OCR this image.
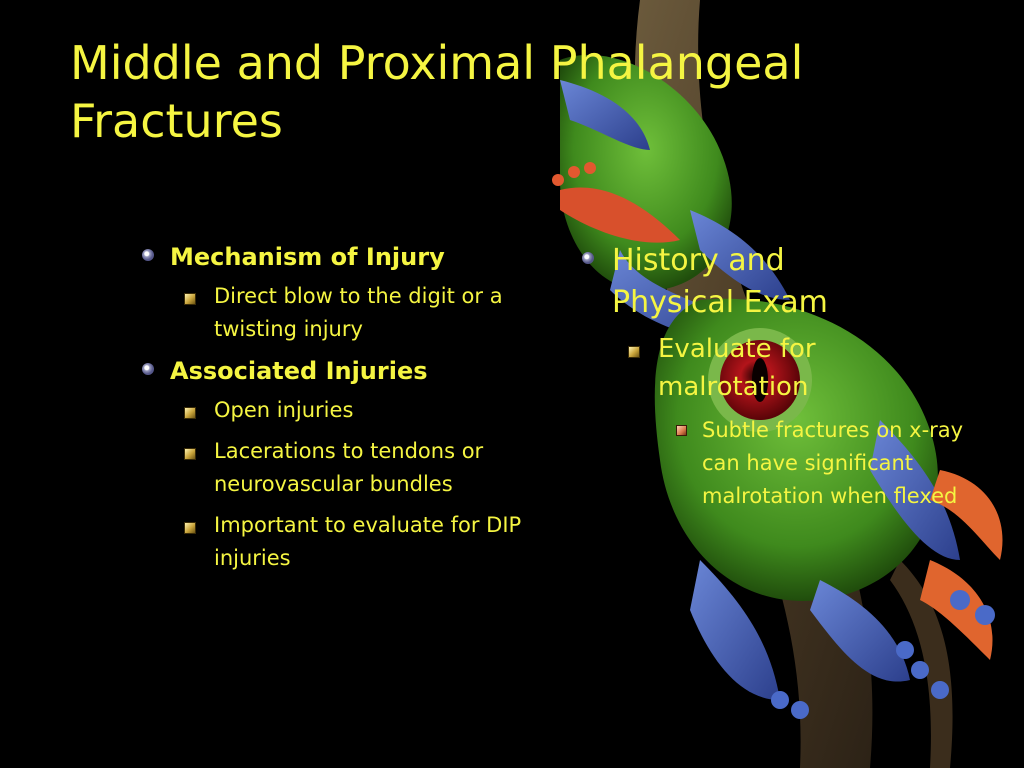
Middle and Proximal Phalangeal Fractures
Mechanism of Injury
Direct blow to the digit or a twisting injury
Associated Injuries
Open injuries
Lacerations to tendons or neurovascular bundles
Important to evaluate for DIP injuries
History and Physical Exam
Evaluate for malrotation
Subtle fractures on x-ray can have significant malrotation when flexed
